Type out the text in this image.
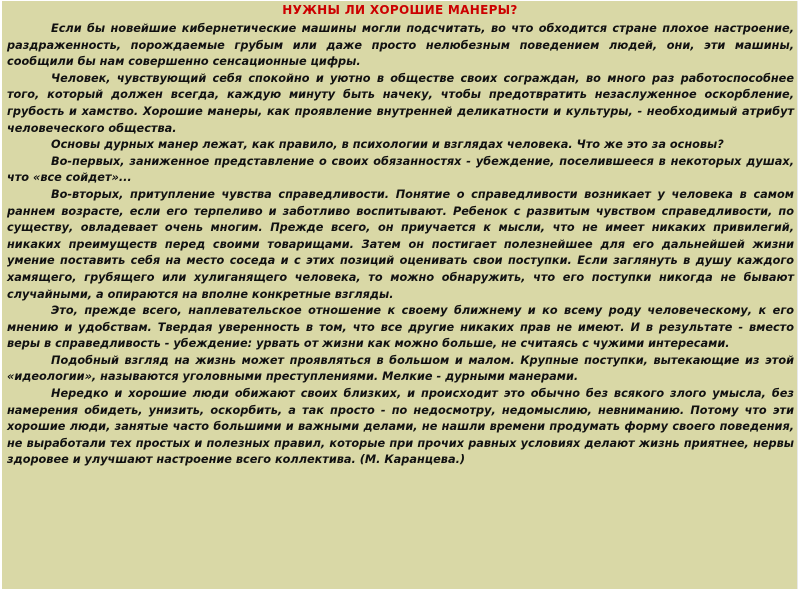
НУЖНЫ ЛИ ХОРОШИЕ МАНЕРЫ?

Если бы новейшие кибернетические машины могли подсчитать, во что обходится стране плохое настроение, раздраженность, порождаемые грубым или даже просто нелюбезным поведением людей, они, эти машины, сообщили бы нам совершенно сенсационные цифры.

Человек, чувствующий себя спокойно и уютно в обществе своих сограждан, во много раз работоспособнее того, который должен всегда, каждую минуту быть начеку, чтобы предотвратить незаслуженное оскорбление, грубость и хамство. Хорошие манеры, как проявление внутренней деликатности и культуры, - необходимый атрибут человеческого общества.

Основы дурных манер лежат, как правило, в психологии и взглядах человека. Что же это за основы?

Во-первых, заниженное представление о своих обязанностях - убеждение, поселившееся в некоторых душах, что «все сойдет»...

Во-вторых, притупление чувства справедливости. Понятие о справедливости возникает у человека в самом раннем возрасте, если его терпеливо и заботливо воспитывают. Ребенок с развитым чувством справедливости, по существу, овладевает очень многим. Прежде всего, он приучается к мысли, что не имеет никаких привилегий, никаких преимуществ перед своими товарищами. Затем он постигает полезнейшее для его дальнейшей жизни умение поставить себя на место соседа и с этих позиций оценивать свои поступки. Если заглянуть в душу каждого хамящего, грубящего или хулиганящего человека, то можно обнаружить, что его поступки никогда не бывают случайными, а опираются на вполне конкретные взгляды.

Это, прежде всего, наплевательское отношение к своему ближнему и ко всему роду человеческому, к его мнению и удобствам. Твердая уверенность в том, что все другие никаких прав не имеют. И в результате - вместо веры в справедливость - убеждение: урвать от жизни как можно больше, не считаясь с чужими интересами.

Подобный взгляд на жизнь может проявляться в большом и малом. Крупные поступки, вытекающие из этой «идеологии», называются уголовными преступлениями. Мелкие - дурными манерами.

Нередко и хорошие люди обижают своих близких, и происходит это обычно без всякого злого умысла, без намерения обидеть, унизить, оскорбить, а так просто - по недосмотру, недомыслию, невниманию. Потому что эти хорошие люди, занятые часто большими и важными делами, не нашли времени продумать форму своего поведения, не выработали тех простых и полезных правил, которые при прочих равных условиях делают жизнь приятнее, нервы здоровее и улучшают настроение всего коллектива. (М. Каранцева.)
